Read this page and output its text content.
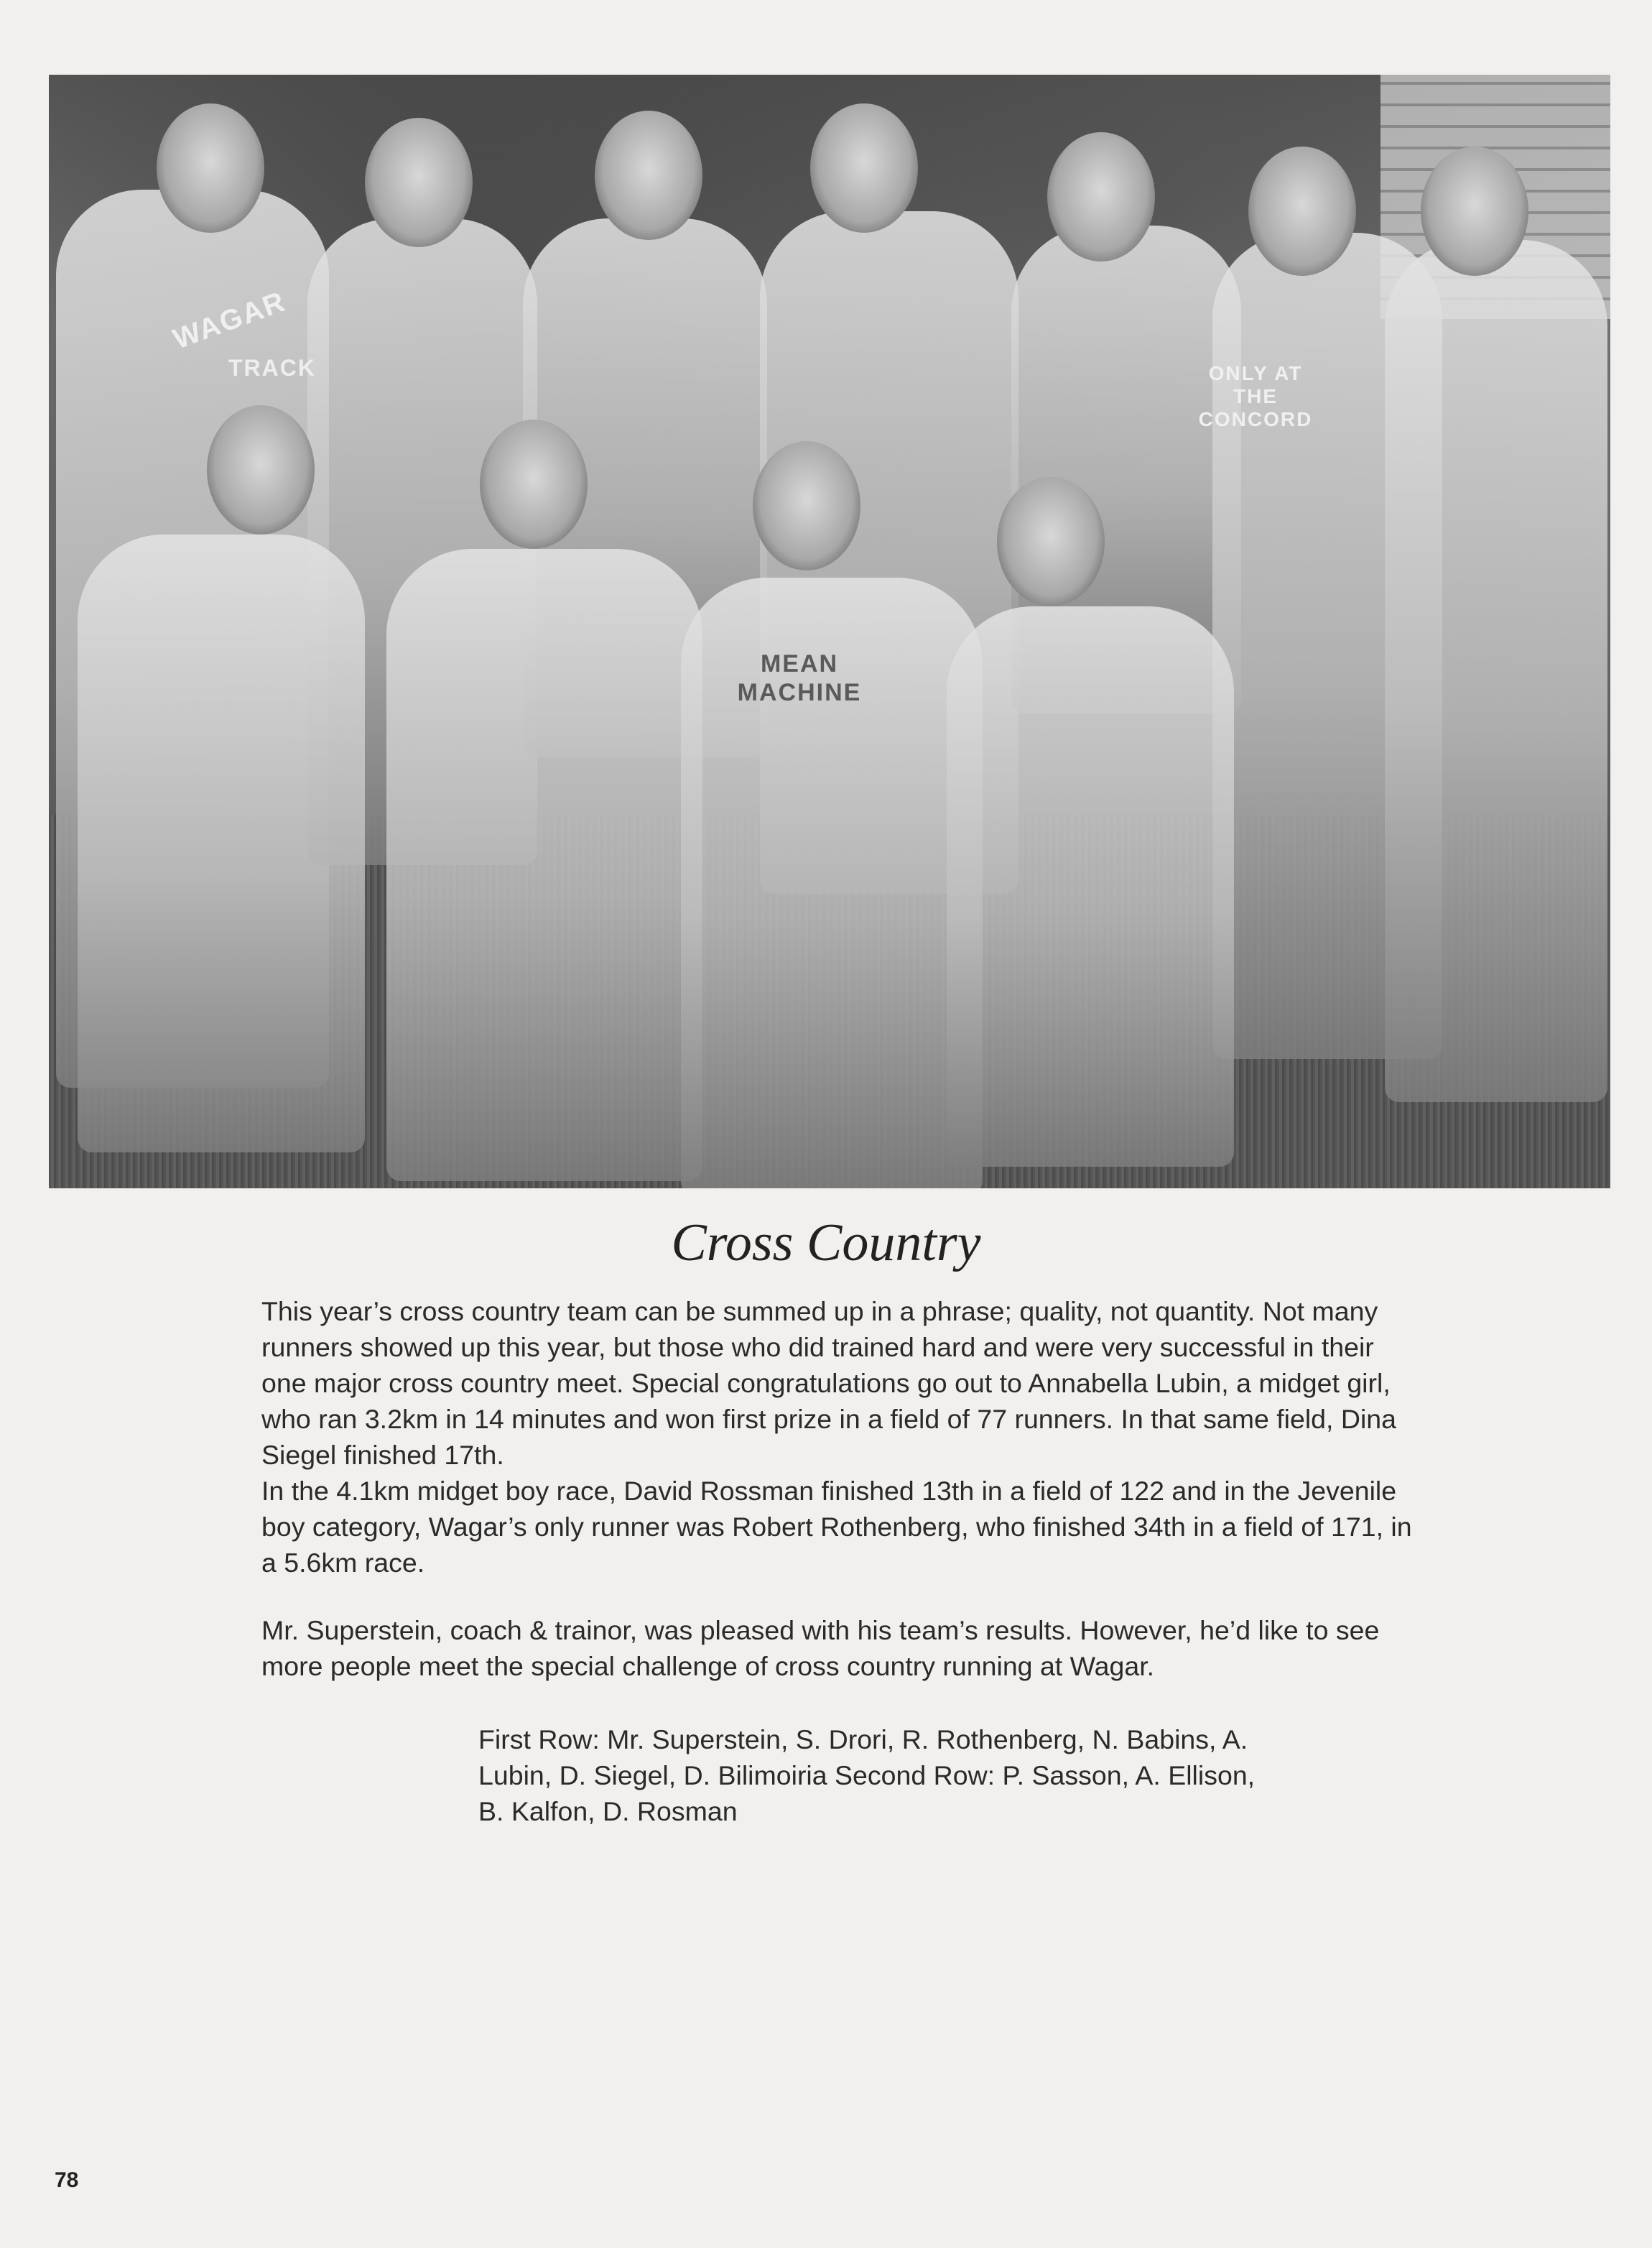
WAGAR
TRACK
MEAN MACHINE
ONLY AT THE CONCORD
Cross Country

This year’s cross country team can be summed up in a phrase; quality, not quantity. Not many runners showed up this year, but those who did trained hard and were very successful in their one major cross country meet. Special congratulations go out to Annabella Lubin, a midget girl, who ran 3.2km in 14 minutes and won first prize in a field of 77 runners. In that same field, Dina Siegel finished 17th.

In the 4.1km midget boy race, David Rossman finished 13th in a field of 122 and in the Jevenile boy category, Wagar’s only runner was Robert Rothenberg, who finished 34th in a field of 171, in a 5.6km race.

Mr. Superstein, coach & trainor, was pleased with his team’s results. However, he’d like to see more people meet the special challenge of cross country running at Wagar.

First Row: Mr. Superstein, S. Drori, R. Rothenberg, N. Babins, A. Lubin, D. Siegel, D. Bilimoiria Second Row: P. Sasson, A. Ellison, B. Kalfon, D. Rosman
78
